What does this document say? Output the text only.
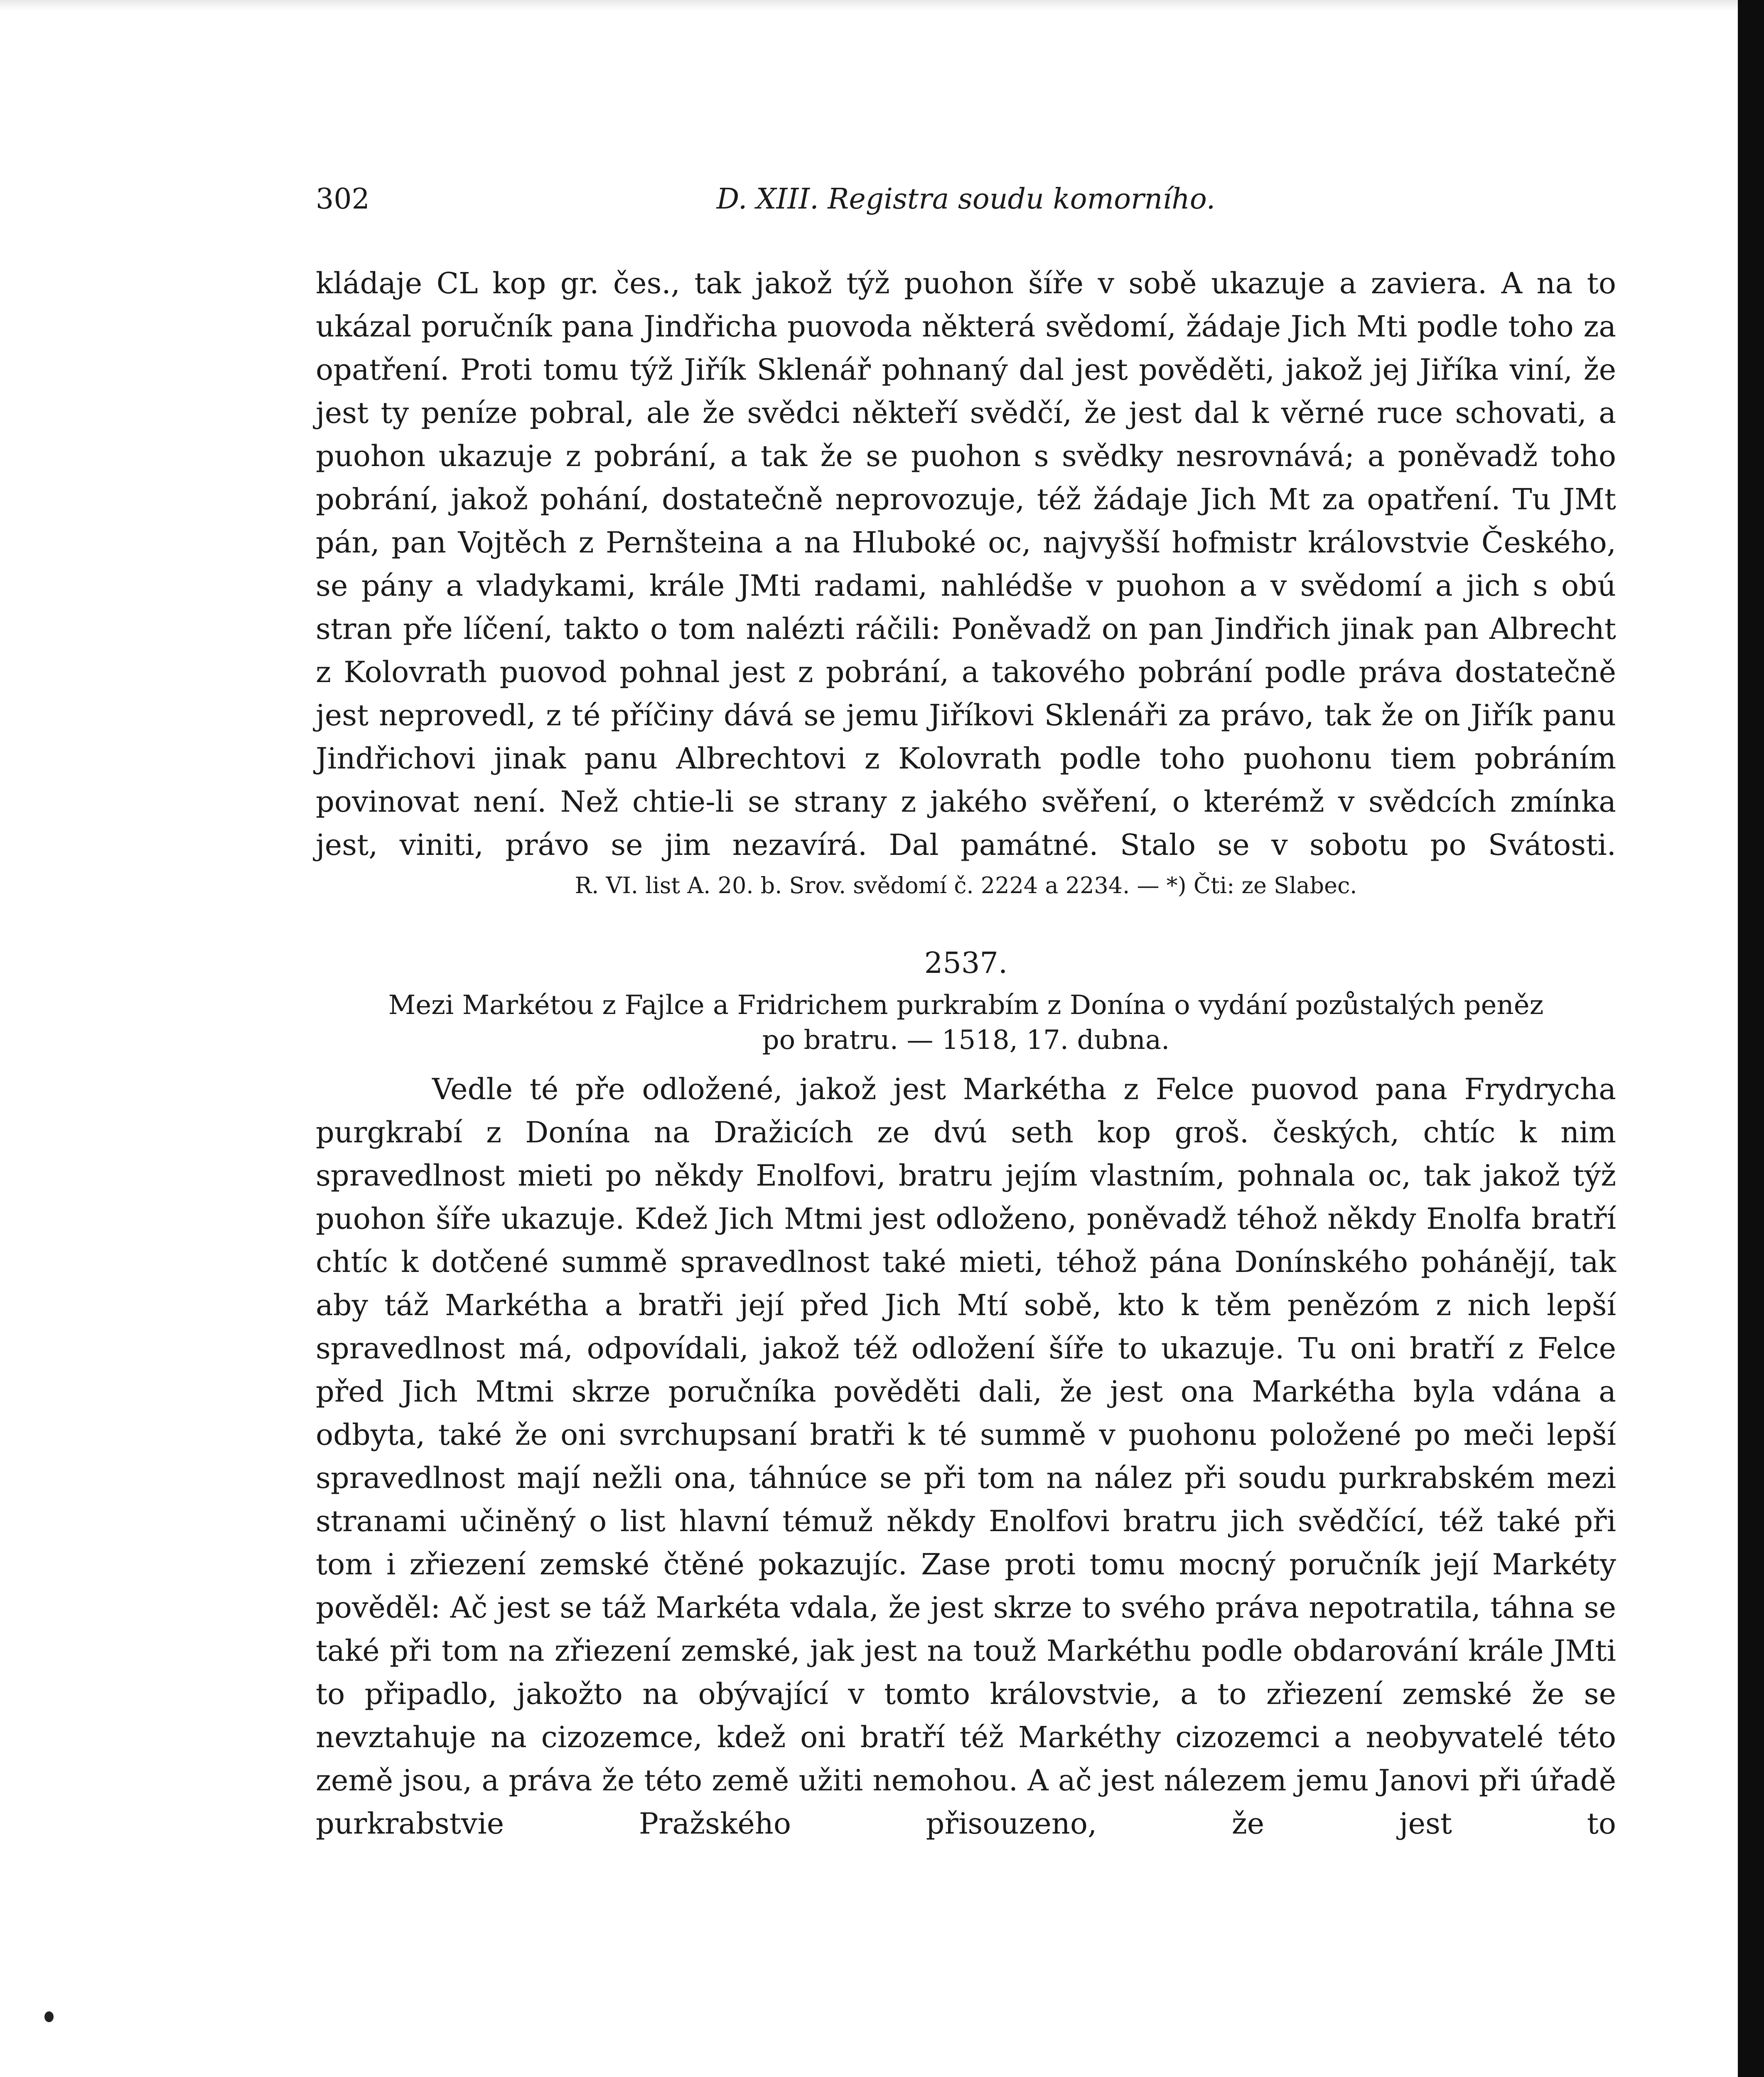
302	D. XIII. Registra soudu komorního.

kládaje CL kop gr. čes., tak jakož týž puohon šíře v sobě ukazuje a zaviera. A na to ukázal poručník pana Jindřicha puovoda některá svědomí, žádaje Jich Mti podle toho za opatření. Proti tomu týž Jiřík Sklenář pohnaný dal jest pověděti, jakož jej Jiříka viní, že jest ty peníze pobral, ale že svědci někteří svědčí, že jest dal k věrné ruce schovati, a puohon ukazuje z pobrání, a tak že se puohon s svědky nesrovnává; a poněvadž toho pobrání, jakož pohání, dostatečně neprovozuje, též žádaje Jich Mt za opatření. Tu JMt pán, pan Vojtěch z Pernšteina a na Hluboké oc, najvyšší hofmistr královstvie Českého, se pány a vladykami, krále JMti radami, nahlédše v puohon a v svědomí a jich s obú stran pře líčení, takto o tom nalézti ráčili: Poněvadž on pan Jindřich jinak pan Albrecht z Kolovrath puovod pohnal jest z pobrání, a takového pobrání podle práva dostatečně jest neprovedl, z té příčiny dává se jemu Jiříkovi Sklenáři za právo, tak že on Jiřík panu Jindřichovi jinak panu Albrechtovi z Kolovrath podle toho puohonu tiem pobráním povinovat není. Než chtie-li se strany z jakého svěření, o kterémž v svědcích zmínka jest, viniti, právo se jim nezavírá. Dal památné. Stalo se v sobotu po Svátosti.

R. VI. list A. 20. b. Srov. svědomí č. 2224 a 2234. — *) Čti: ze Slabec.

2537.
Mezi Markétou z Fajlce a Fridrichem purkrabím z Donína o vydání pozůstalých peněz
po bratru. — 1518, 17. dubna.

Vedle té pře odložené, jakož jest Markétha z Felce puovod pana Frydrycha purgkrabí z Donína na Dražicích ze dvú seth kop groš. českých, chtíc k nim spravedlnost mieti po někdy Enolfovi, bratru jejím vlastním, pohnala oc, tak jakož týž puohon šíře ukazuje. Kdež Jich Mtmi jest odloženo, poněvadž téhož někdy Enolfa bratří chtíc k dotčené summě spravedlnost také mieti, téhož pána Donínského pohánějí, tak aby táž Markétha a bratři její před Jich Mtí sobě, kto k těm penězóm z nich lepší spravedlnost má, odpovídali, jakož též odložení šíře to ukazuje. Tu oni bratří z Felce před Jich Mtmi skrze poručníka pověděti dali, že jest ona Markétha byla vdána a odbyta, také že oni svrchupsaní bratři k té summě v puohonu položené po meči lepší spravedlnost mají nežli ona, táhnúce se při tom na nález při soudu purkrabském mezi stranami učiněný o list hlavní témuž někdy Enolfovi bratru jich svědčící, též také při tom i zřiezení zemské čtěné pokazujíc. Zase proti tomu mocný poručník její Markéty pověděl: Ač jest se táž Markéta vdala, že jest skrze to svého práva nepotratila, táhna se také při tom na zřiezení zemské, jak jest na touž Markéthu podle obdarování krále JMti to připadlo, jakožto na obývající v tomto královstvie, a to zřiezení zemské že se nevztahuje na cizozemce, kdež oni bratří též Markéthy cizozemci a neobyvatelé této země jsou, a práva že této země užiti nemohou. A ač jest nálezem jemu Janovi při úřadě purkrabstvie Pražského přisouzeno, že jest to
